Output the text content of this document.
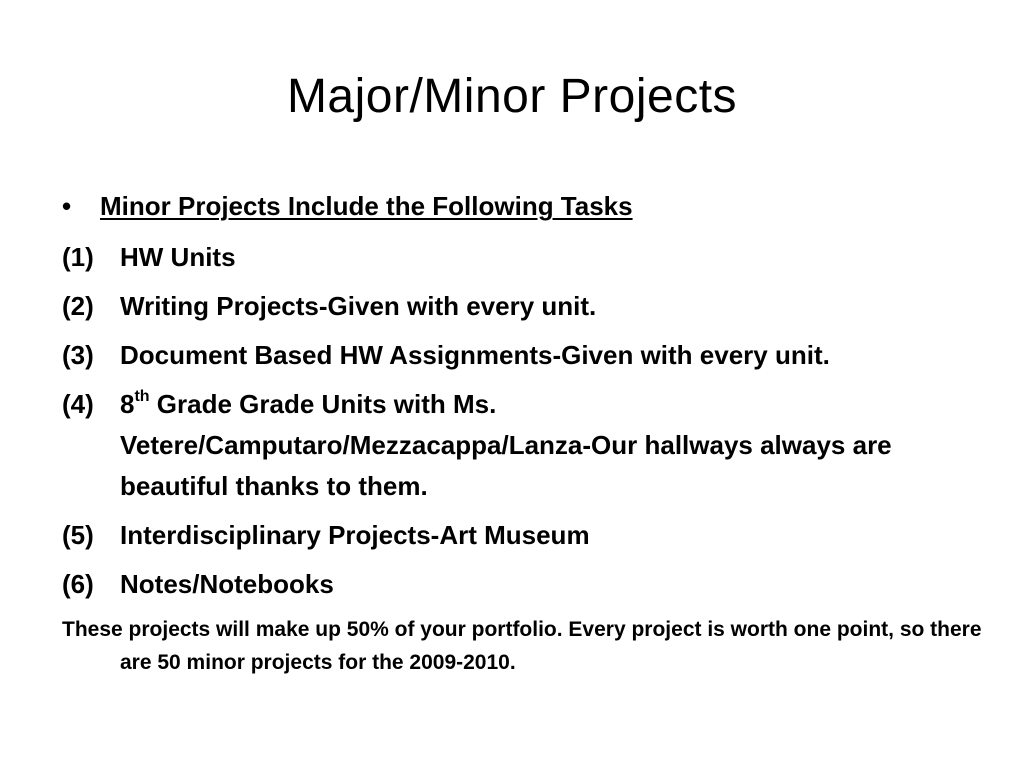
Major/Minor Projects
•	Minor Projects Include the Following Tasks
(1)	HW Units
(2)	Writing Projects-Given with every unit.
(3)	Document Based HW Assignments-Given with every unit.
(4)	8th Grade Grade Units with Ms. Vetere/Camputaro/Mezzacappa/Lanza-Our hallways always are beautiful thanks to them.
(5)	Interdisciplinary Projects-Art Museum
(6)	Notes/Notebooks
These projects will make up 50% of your portfolio. Every project is worth one point, so there are 50 minor projects for the 2009-2010.
